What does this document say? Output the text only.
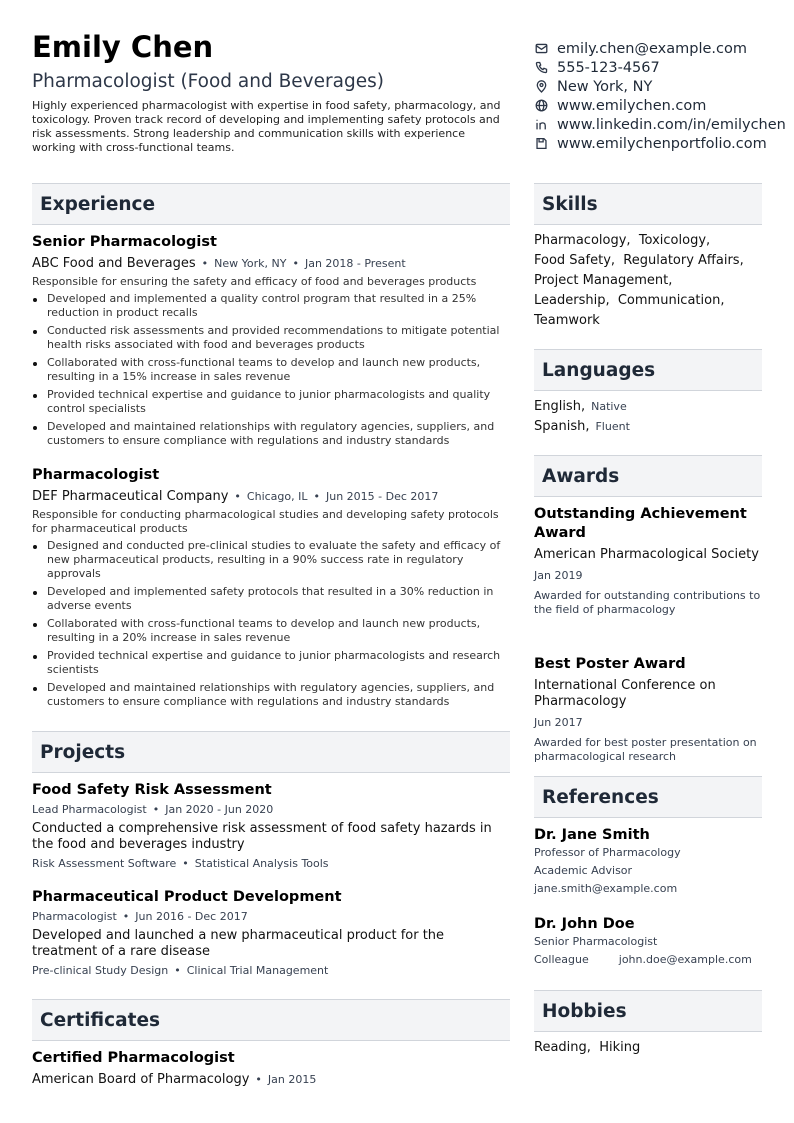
Emily Chen
Pharmacologist (Food and Beverages)

Highly experienced pharmacologist with expertise in food safety, pharmacology, and toxicology. Proven track record of developing and implementing safety protocols and risk assessments. Strong leadership and communication skills with experience working with cross-functional teams.

emily.chen@example.com
555-123-4567
New York, NY
www.emilychen.com
www.linkedin.com/in/emilychen
www.emilychenportfolio.com
Experience
Senior Pharmacologist
ABC Food and Beverages • New York, NY • Jan 2018 - Present
Responsible for ensuring the safety and efficacy of food and beverages products
Developed and implemented a quality control program that resulted in a 25% reduction in product recalls
Conducted risk assessments and provided recommendations to mitigate potential health risks associated with food and beverages products
Collaborated with cross-functional teams to develop and launch new products, resulting in a 15% increase in sales revenue
Provided technical expertise and guidance to junior pharmacologists and quality control specialists
Developed and maintained relationships with regulatory agencies, suppliers, and customers to ensure compliance with regulations and industry standards
Pharmacologist
DEF Pharmaceutical Company • Chicago, IL • Jun 2015 - Dec 2017
Responsible for conducting pharmacological studies and developing safety protocols for pharmaceutical products
Designed and conducted pre-clinical studies to evaluate the safety and efficacy of new pharmaceutical products, resulting in a 90% success rate in regulatory approvals
Developed and implemented safety protocols that resulted in a 30% reduction in adverse events
Collaborated with cross-functional teams to develop and launch new products, resulting in a 20% increase in sales revenue
Provided technical expertise and guidance to junior pharmacologists and research scientists
Developed and maintained relationships with regulatory agencies, suppliers, and customers to ensure compliance with regulations and industry standards
Projects
Food Safety Risk Assessment
Lead Pharmacologist • Jan 2020 - Jun 2020
Conducted a comprehensive risk assessment of food safety hazards in the food and beverages industry
Risk Assessment Software • Statistical Analysis Tools
Pharmaceutical Product Development
Pharmacologist • Jun 2016 - Dec 2017
Developed and launched a new pharmaceutical product for the treatment of a rare disease
Pre-clinical Study Design • Clinical Trial Management
Certificates
Certified Pharmacologist
American Board of Pharmacology • Jan 2015
Skills
Pharmacology,  Toxicology,
Food Safety,  Regulatory Affairs,
Project Management,
Leadership,  Communication,
Teamwork
Languages
English, Native
Spanish, Fluent
Awards
Outstanding Achievement Award
American Pharmacological Society
Jan 2019
Awarded for outstanding contributions to the field of pharmacology
Best Poster Award
International Conference on Pharmacology
Jun 2017
Awarded for best poster presentation on pharmacological research
References
Dr. Jane Smith
Professor of Pharmacology
Academic Advisor
jane.smith@example.com
Dr. John Doe
Senior Pharmacologist
Colleague	john.doe@example.com
Hobbies
Reading,  Hiking
